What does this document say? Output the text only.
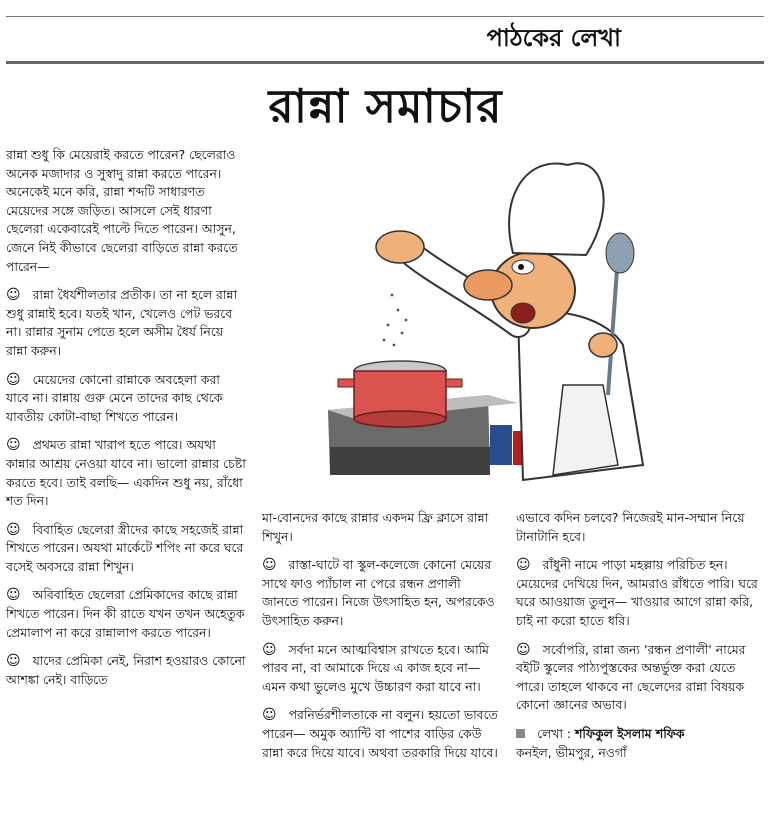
পাঠকের লেখা
রান্না সমাচার

রান্না শুধু কি মেয়েরাই করতে পারেন? ছেলেরাও অনেক মজাদার ও সুস্বাদু রান্না করতে পারেন। অনেকেই মনে করি, রান্না শব্দটি সাধারণত মেয়েদের সঙ্গে জড়িত। আসলে সেই ধারণা ছেলেরা একেবারেই পাল্টে দিতে পারেন। আসুন, জেনে নিই কীভাবে ছেলেরা বাড়িতে রান্না করতে পারেন—

☺ রান্না ধৈর্যশীলতার প্রতীক। তা না হলে রান্না শুধু রান্নাই হবে। যতই খান, খেলেও পেট ভরবে না। রান্নার সুনাম পেতে হলে অসীম ধৈর্য নিয়ে রান্না করুন।

☺ মেয়েদের কোনো রান্নাকে অবহেলা করা যাবে না। রান্নায় গুরু মেনে তাদের কাছ থেকে যাবতীয় কোটা-বাছা শিখতে পারেন।

☺ প্রথমত রান্না খারাপ হতে পারে। অযথা কান্নার আশ্রয় নেওয়া যাবে না। ভালো রান্নার চেষ্টা করতে হবে। তাই বলছি— একদিন শুধু নয়, রাঁধো শত দিন।

☺ বিবাহিত ছেলেরা স্ত্রীদের কাছে সহজেই রান্না শিখতে পারেন। অযথা মার্কেটে শপিং না করে ঘরে বসেই অবসরে রান্না শিখুন।

☺ অবিবাহিত ছেলেরা প্রেমিকাদের কাছে রান্না শিখতে পারেন। দিন কী রাতে যখন তখন অহেতুক প্রেমালাপ না করে রান্নালাপ করতে পারেন।

☺ যাদের প্রেমিকা নেই, নিরাশ হওয়ারও কোনো আশঙ্কা নেই। বাড়িতে

মা-বোনদের কাছে রান্নার একদম ফ্রি ক্লাসে রান্না শিখুন।

☺ রাস্তা-ঘাটে বা স্কুল-কলেজে কোনো মেয়ের সাথে ফাও প্যাঁচাল না পেরে রন্ধন প্রণালী জানতে পারেন। নিজে উৎসাহিত হন, অপরকেও উৎসাহিত করুন।

☺ সর্বদা মনে আত্মবিশ্বাস রাখতে হবে। আমি পারব না, বা আমাকে দিয়ে এ কাজ হবে না— এমন কথা ভুলেও মুখে উচ্চারণ করা যাবে না।

☺ পরনির্ভরশীলতাকে না বলুন। হয়তো ভাবতে পারেন— অমুক অ্যান্টি বা পাশের বাড়ির কেউ রান্না করে দিয়ে যাবে। অথবা তরকারি দিয়ে যাবে।

এভাবে কদিন চলবে? নিজেরই মান-সম্মান নিয়ে টানাটানি হবে।

☺ রাঁধুনী নামে পাড়া মহল্লায় পরিচিত হন। মেয়েদের দেখিয়ে দিন, আমরাও রাঁধতে পারি। ঘরে ঘরে আওয়াজ তুলুন— খাওয়ার আগে রান্না করি, চাই না করো হাতে ধরি।

☺ সর্বোপরি, রান্না জন্য 'রন্ধন প্রণালী' নামের বইটি স্কুলের পাঠ্যপুস্তকের অন্তর্ভুক্ত করা যেতে পারে। তাহলে থাকবে না ছেলেদের রান্না বিষয়ক কোনো জ্ঞানের অভাব।

লেখা : শফিকুল ইসলাম শফিক
কনইল, ভীমপুর, নওগাঁ
